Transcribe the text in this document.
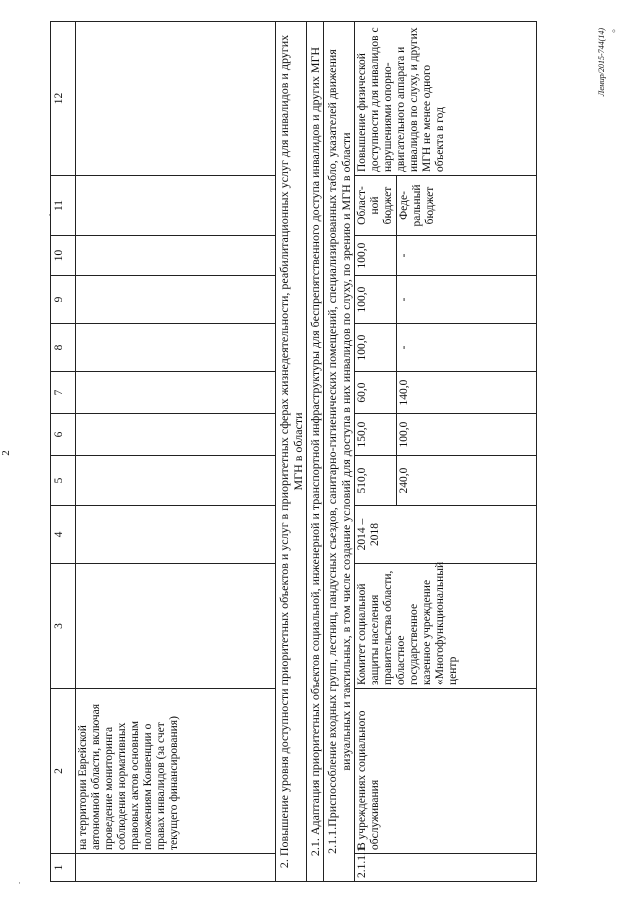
2
1	2	3	4	5	6	7	8	9	10	11	12
	на территории Еврейской автономной области, включая проведение мониторинга соблюдения нормативных правовых актов основным положениям Конвенции о правах инвалидов (за счет текущего финансирования)										
2. Повышение уровня доступности приоритетных объектов и услуг в приоритетных сферах жизнедеятельности, реабилитационных услуг для инвалидов и других МГН в области											
2.1. Адаптация приоритетных объектов социальной, инженерной и транспортной инфраструктуры для беспрепятственного доступа инвалидов и других МГН											
2.1.1.Приспособление входных групп, лестниц, пандусных съездов, санитарно-гигиенических помещений, специализированных табло, указателей движения визуальных и тактильных, в том числе создание условий для доступа в них инвалидов по слуху, по зрению и МГН в области											
2.1.1.1	В учреждениях социального обслуживания	Комитет социальной защиты населения правительства области, областное государственное казенное учреждение «Многофункциональный центр	2014 – 2018	510,0	150,0	60,0	100,0	100,0	100,0	Област-ной бюджет	Повышение физической доступности для инвалидов с нарушениями опорно-двигательного аппарата и инвалидов по слуху, и других МГН не менее одного объекта в год
				240,0	100,0	140,0	-	-	-	Феде-ральный бюджет	
Лемир/2015-744(14) °
·
·
